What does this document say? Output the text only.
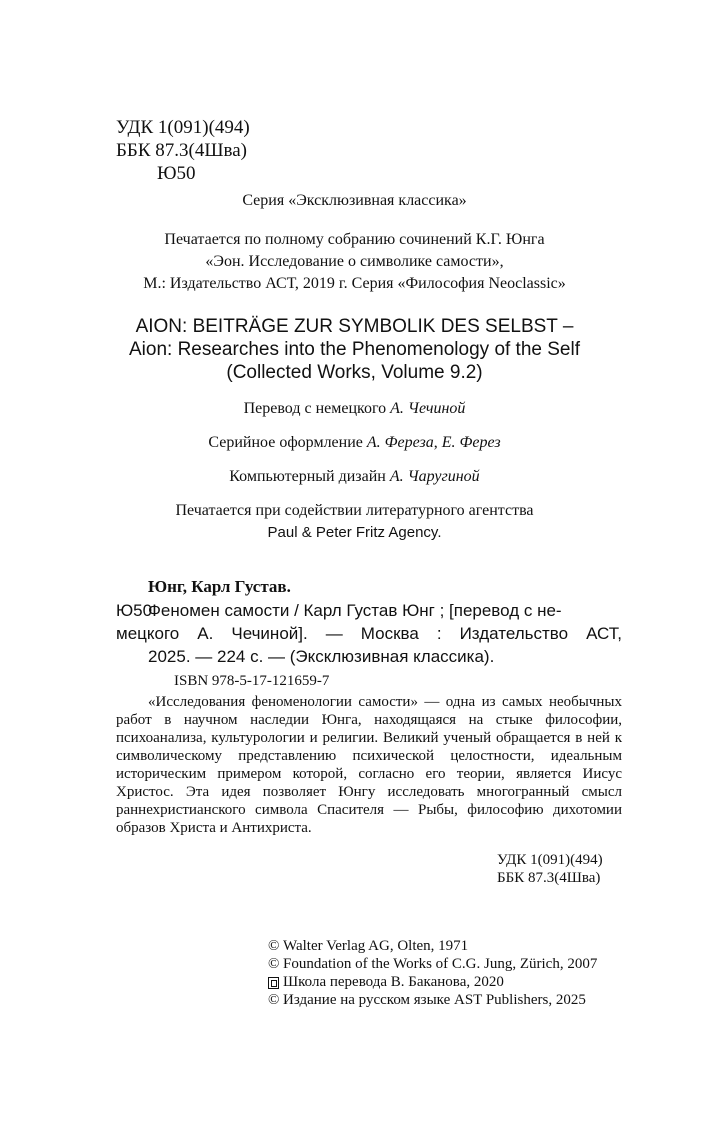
УДК 1(091)(494)
ББК 87.3(4Шва)
Ю50
Серия «Эксклюзивная классика»
Печатается по полному собранию сочинений К.Г. Юнга
«Эон. Исследование о символике самости»,
М.: Издательство АСТ, 2019 г. Серия «Философия Neoclassic»
AION: BEITRÄGE ZUR SYMBOLIK DES SELBST –
Aion: Researches into the Phenomenology of the Self
(Collected Works, Volume 9.2)
Перевод с немецкого А. Чечиной
Серийное оформление А. Фереза, Е. Ферез
Компьютерный дизайн А. Чаругиной
Печатается при содействии литературного агентства
Paul & Peter Fritz Agency.
Юнг, Карл Густав.
Ю50
Феномен самости / Карл Густав Юнг ; [перевод с не-
мецкого А. Чечиной]. — Москва : Издательство АСТ,
2025. — 224 с. — (Эксклюзивная классика).
ISBN 978-5-17-121659-7
«Исследования феноменологии самости» — одна из самых необычных работ в научном наследии Юнга, находящаяся на стыке философии, психоанализа, культурологии и религии. Великий ученый обращается в ней к символическому представлению психической целостности, идеальным историческим примером которой, согласно его теории, является Иисус Христос. Эта идея позволяет Юнгу исследовать многогранный смысл раннехристианского символа Спасителя — Рыбы, философию дихотомии образов Христа и Антихриста.
УДК 1(091)(494)
ББК 87.3(4Шва)
© Walter Verlag AG, Olten, 1971
© Foundation of the Works of C.G. Jung, Zürich, 2007
Школа перевода В. Баканова, 2020
© Издание на русском языке AST Publishers, 2025
